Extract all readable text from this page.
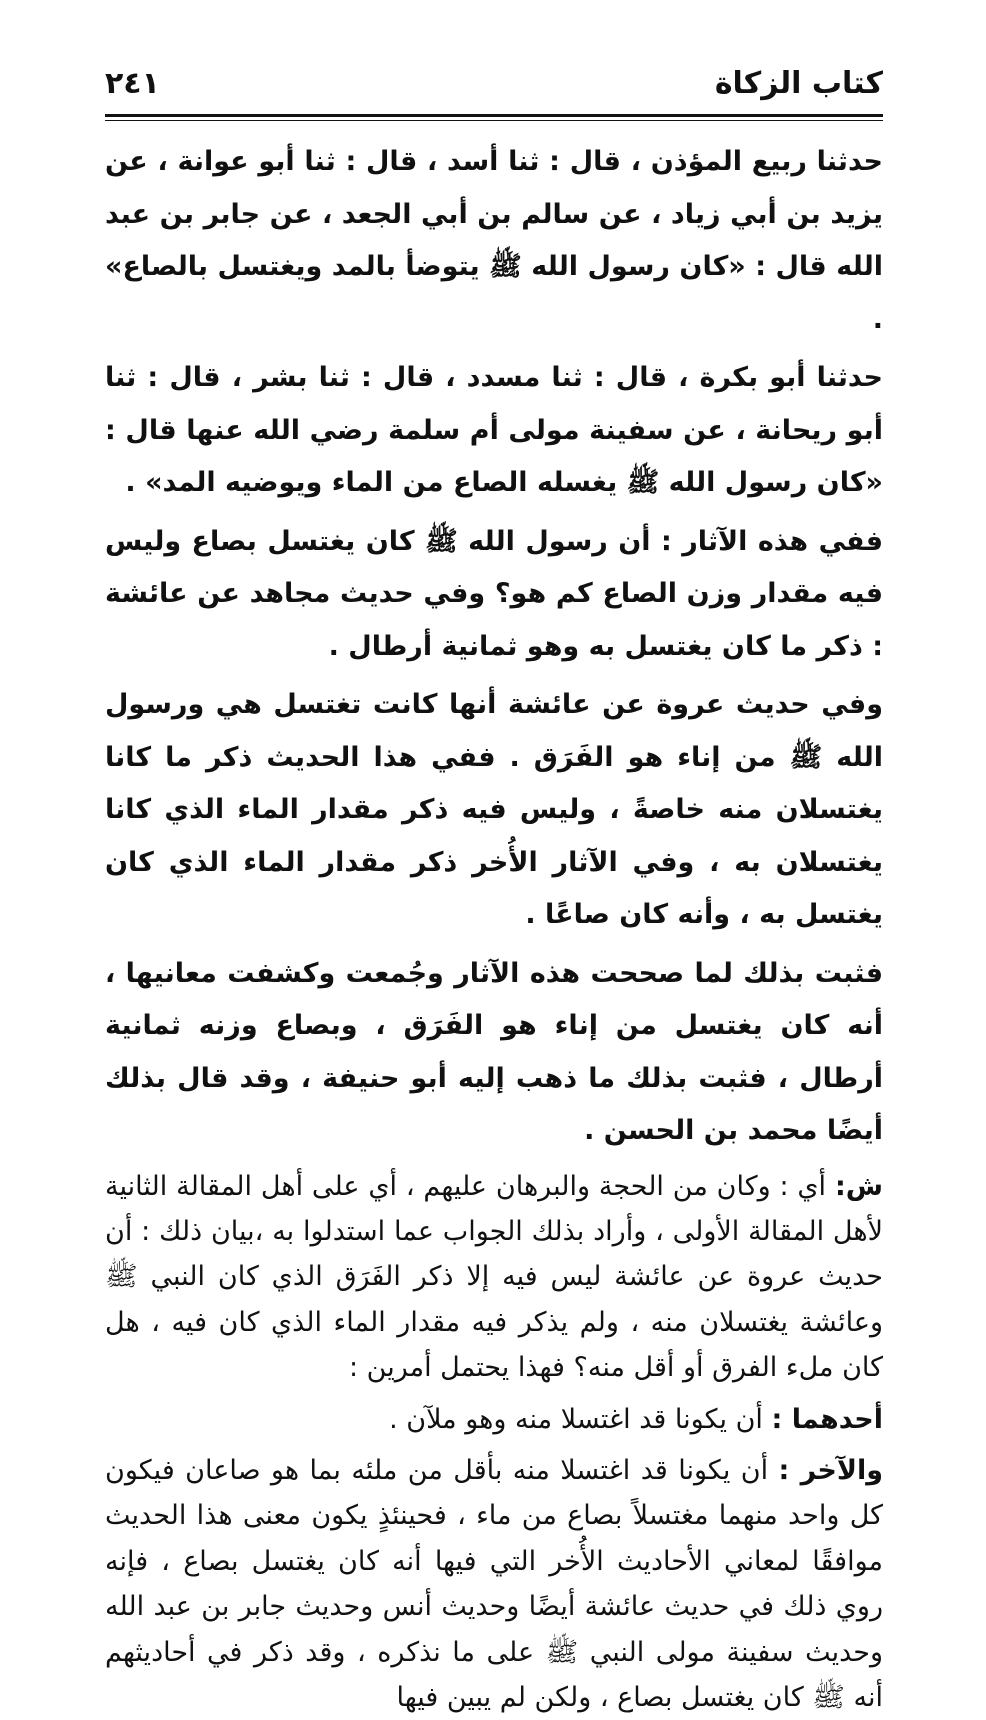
كتاب الزكاة
٢٤١

حدثنا ربيع المؤذن ، قال : ثنا أسد ، قال : ثنا أبو عوانة ، عن يزيد بن أبي زياد ، عن سالم بن أبي الجعد ، عن جابر بن عبد الله قال : «كان رسول الله ﷺ يتوضأ بالمد ويغتسل بالصاع» .

حدثنا أبو بكرة ، قال : ثنا مسدد ، قال : ثنا بشر ، قال : ثنا أبو ريحانة ، عن سفينة مولى أم سلمة رضي الله عنها قال : «كان رسول الله ﷺ يغسله الصاع من الماء ويوضيه المد» .

ففي هذه الآثار : أن رسول الله ﷺ كان يغتسل بصاع وليس فيه مقدار وزن الصاع كم هو؟ وفي حديث مجاهد عن عائشة : ذكر ما كان يغتسل به وهو ثمانية أرطال .

وفي حديث عروة عن عائشة أنها كانت تغتسل هي ورسول الله ﷺ من إناء هو الفَرَق . ففي هذا الحديث ذكر ما كانا يغتسلان منه خاصةً ، وليس فيه ذكر مقدار الماء الذي كانا يغتسلان به ، وفي الآثار الأُخر ذكر مقدار الماء الذي كان يغتسل به ، وأنه كان صاعًا .

فثبت بذلك لما صححت هذه الآثار وجُمعت وكشفت معانيها ، أنه كان يغتسل من إناء هو الفَرَق ، وبصاع وزنه ثمانية أرطال ، فثبت بذلك ما ذهب إليه أبو حنيفة ، وقد قال بذلك أيضًا محمد بن الحسن .

ش: أي : وكان من الحجة والبرهان عليهم ، أي على أهل المقالة الثانية لأهل المقالة الأولى ، وأراد بذلك الجواب عما استدلوا به ،بيان ذلك : أن حديث عروة عن عائشة ليس فيه إلا ذكر الفَرَق الذي كان النبي ﷺ وعائشة يغتسلان منه ، ولم يذكر فيه مقدار الماء الذي كان فيه ، هل كان ملء الفرق أو أقل منه؟ فهذا يحتمل أمرين :

أحدهما : أن يكونا قد اغتسلا منه وهو ملآن .

والآخر : أن يكونا قد اغتسلا منه بأقل من ملئه بما هو صاعان فيكون كل واحد منهما مغتسلاً بصاع من ماء ، فحينئذٍ يكون معنى هذا الحديث موافقًا لمعاني الأحاديث الأُخر التي فيها أنه كان يغتسل بصاع ، فإنه روي ذلك في حديث عائشة أيضًا وحديث أنس وحديث جابر بن عبد الله وحديث سفينة مولى النبي ﷺ على ما نذكره ، وقد ذكر في أحاديثهم أنه ﷺ كان يغتسل بصاع ، ولكن لم يبين فيها
